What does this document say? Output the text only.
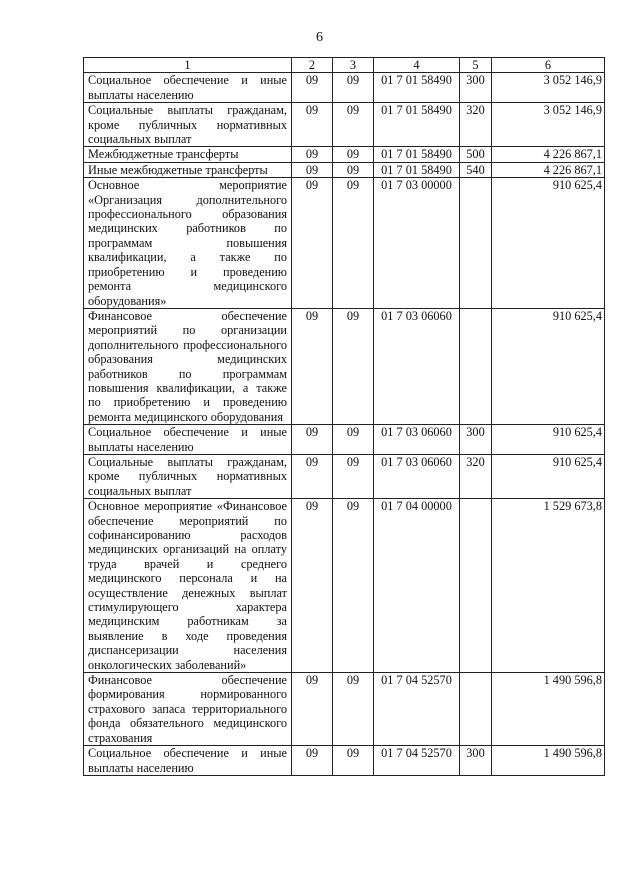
6
1	2	3	4	5	6
Социальное обеспечение и иные выплаты населению	09	09	01 7 01 58490	300	3 052 146,9
Социальные выплаты гражданам, кроме публичных нормативных социальных выплат	09	09	01 7 01 58490	320	3 052 146,9
Межбюджетные трансферты	09	09	01 7 01 58490	500	4 226 867,1
Иные межбюджетные трансферты	09	09	01 7 01 58490	540	4 226 867,1
Основное мероприятие «Организация дополнительного профессионального образования медицинских работников по программам повышения квалификации, а также по приобретению и проведению ремонта медицинского оборудования»	09	09	01 7 03 00000		910 625,4
Финансовое обеспечение мероприятий по организации дополнительного профессионального образования медицинских работников по программам повышения квалификации, а также по приобретению и проведению ремонта медицинского оборудования	09	09	01 7 03 06060		910 625,4
Социальное обеспечение и иные выплаты населению	09	09	01 7 03 06060	300	910 625,4
Социальные выплаты гражданам, кроме публичных нормативных социальных выплат	09	09	01 7 03 06060	320	910 625,4
Основное мероприятие «Финансовое обеспечение мероприятий по софинансированию расходов медицинских организаций на оплату труда врачей и среднего медицинского персонала и на осуществление денежных выплат стимулирующего характера медицинским работникам за выявление в ходе проведения диспансеризации населения онкологических заболеваний»	09	09	01 7 04 00000		1 529 673,8
Финансовое обеспечение формирования нормированного страхового запаса территориального фонда обязательного медицинского страхования	09	09	01 7 04 52570		1 490 596,8
Социальное обеспечение и иные выплаты населению	09	09	01 7 04 52570	300	1 490 596,8
